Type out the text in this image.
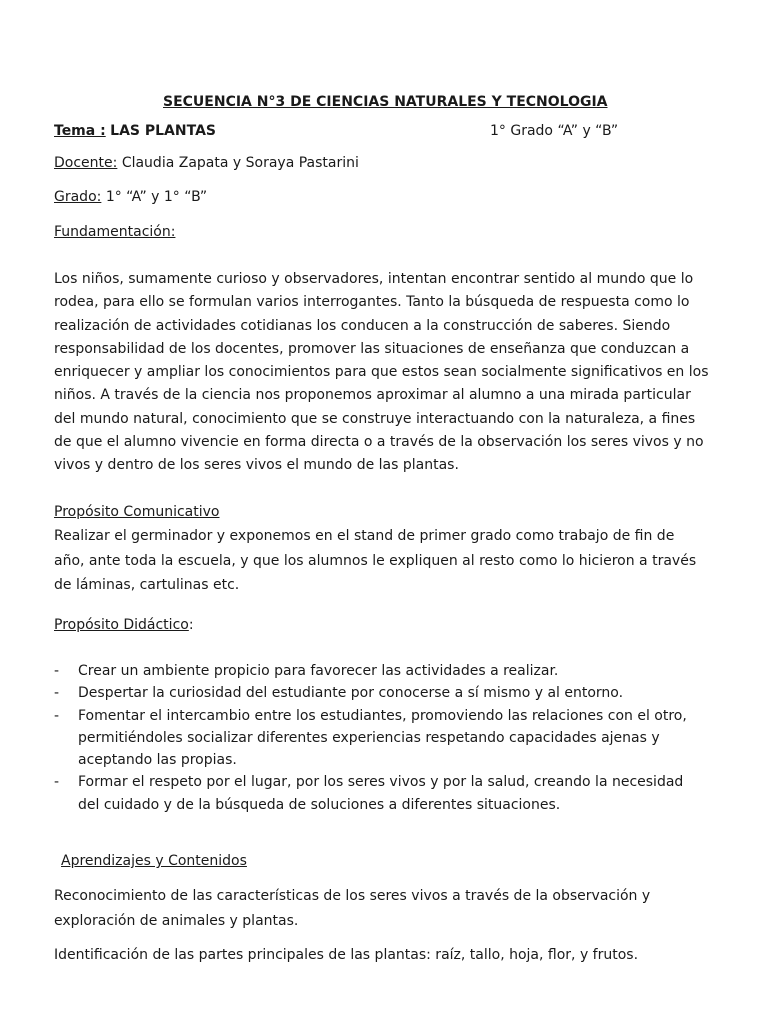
SECUENCIA N°3 DE CIENCIAS NATURALES Y TECNOLOGIA

Tema : LAS PLANTAS	1° Grado “A” y “B”

Docente: Claudia Zapata y Soraya Pastarini

Grado: 1° “A” y 1° “B”

Fundamentación:

Los niños, sumamente curioso y observadores, intentan encontrar sentido al mundo que lo
rodea, para ello se formulan varios interrogantes. Tanto la búsqueda de respuesta como lo
realización de actividades cotidianas los conducen a la construcción de saberes. Siendo
responsabilidad de los docentes, promover las situaciones de enseñanza que conduzcan a
enriquecer y ampliar los conocimientos para que estos sean socialmente significativos en los
niños. A través de la ciencia nos proponemos aproximar al alumno a una mirada particular
del mundo natural, conocimiento que se construye interactuando con la naturaleza, a fines
de que el alumno vivencie en forma directa o a través de la observación los seres vivos y no
vivos y dentro de los seres vivos el mundo de las plantas.

Propósito Comunicativo

Realizar el germinador y exponemos en el stand de primer grado como trabajo de fin de
año, ante toda la escuela, y que los alumnos le expliquen al resto como lo hicieron a través
de láminas, cartulinas etc.

Propósito Didáctico:

- Crear un ambiente propicio para favorecer las actividades a realizar.
- Despertar la curiosidad del estudiante por conocerse a sí mismo y al entorno.
- Fomentar el intercambio entre los estudiantes, promoviendo las relaciones con el otro,
permitiéndoles socializar diferentes experiencias respetando capacidades ajenas y
aceptando las propias.
- Formar el respeto por el lugar, por los seres vivos y por la salud, creando la necesidad
del cuidado y de la búsqueda de soluciones a diferentes situaciones.

Aprendizajes y Contenidos

Reconocimiento de las características de los seres vivos a través de la observación y
exploración de animales y plantas.

Identificación de las partes principales de las plantas: raíz, tallo, hoja, flor, y frutos.
